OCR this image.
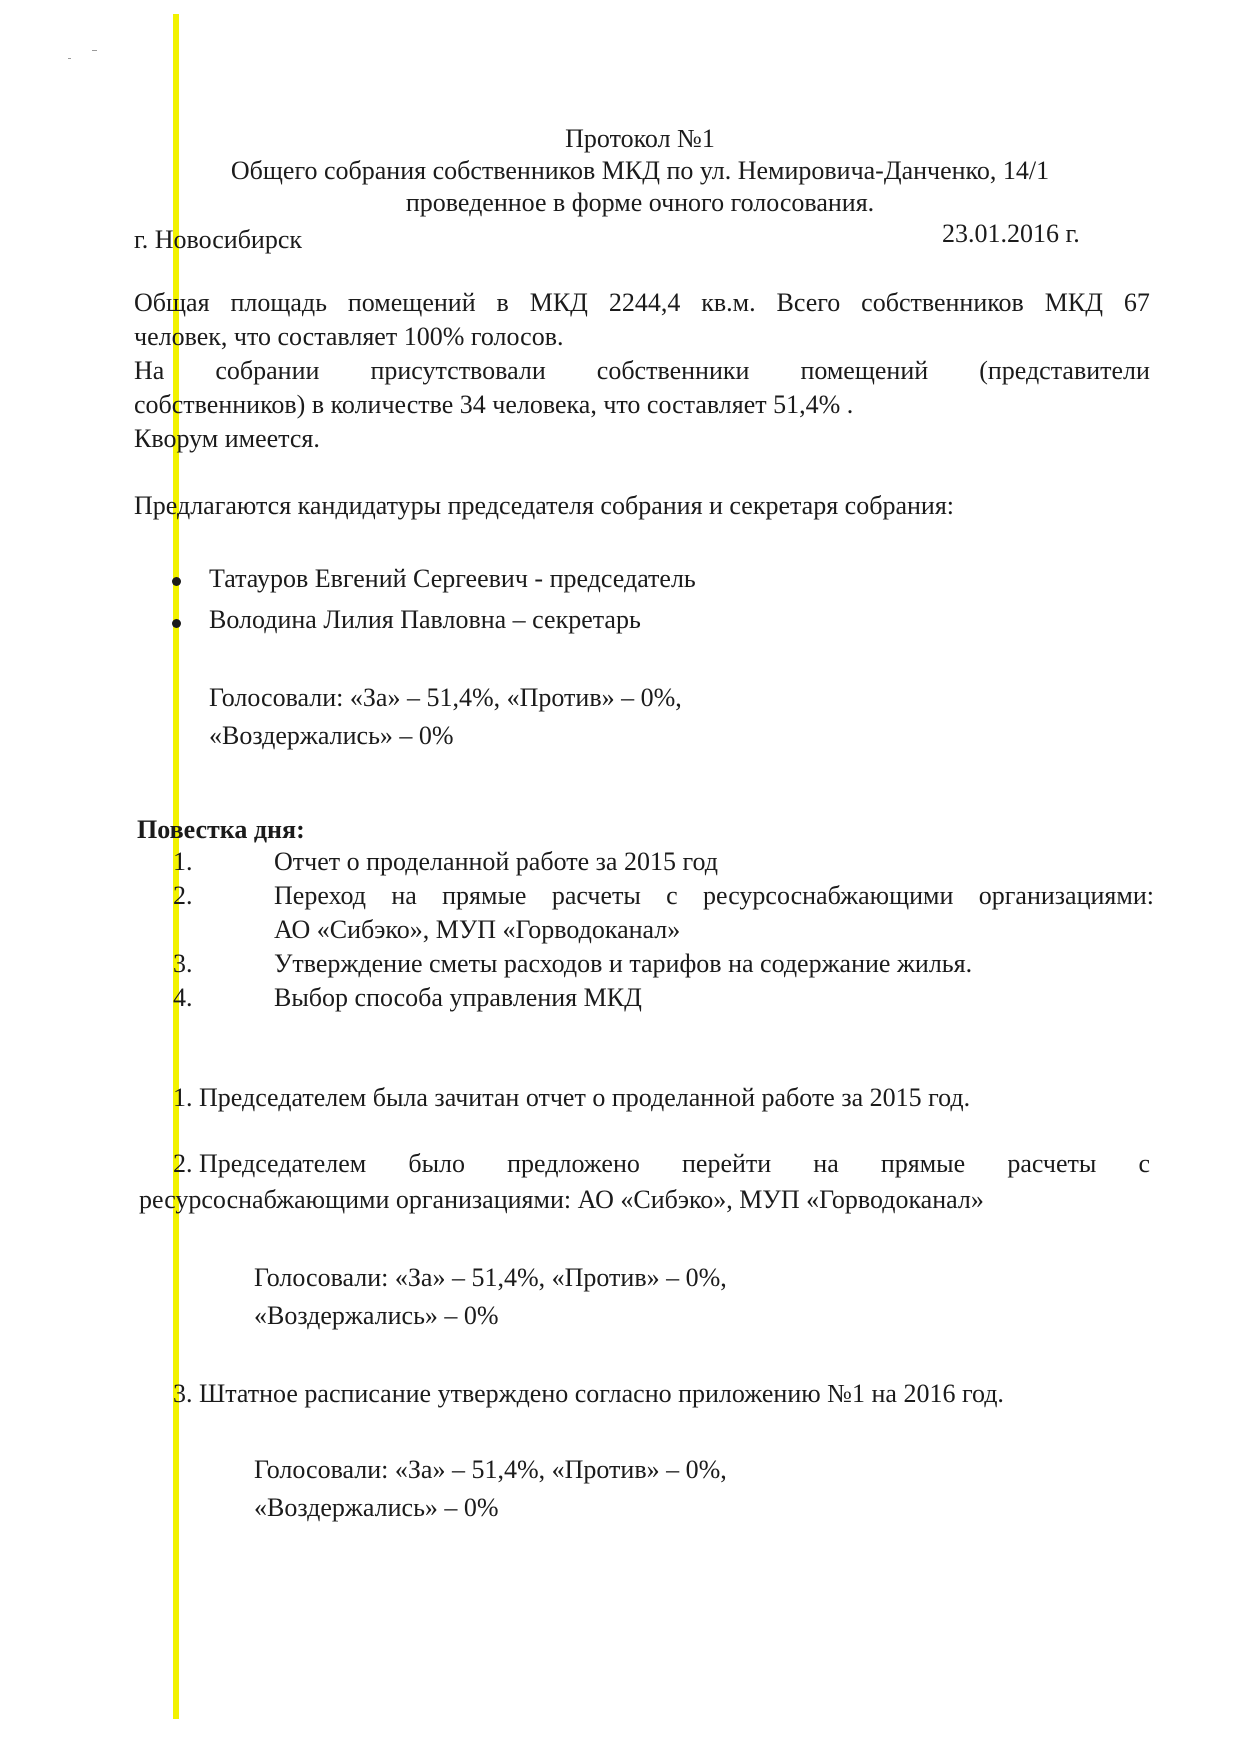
Протокол №1

Общего собрания собственников МКД по ул. Немировича-Данченко, 14/1

проведенное в форме очного голосования.

г. Новосибирск	23.01.2016 г.

Общая площадь помещений в МКД 2244,4 кв.м. Всего собственников МКД 67

человек, что составляет 100% голосов.

На собрании присутствовали собственники помещений (представители

собственников) в количестве 34 человека, что составляет 51,4% .

Кворум имеется.

Предлагаются кандидатуры председателя собрания и секретаря собрания:

Татауров Евгений Сергеевич - председатель

Володина Лилия Павловна – секретарь

Голосовали: «За» – 51,4%, «Против» – 0%,

«Воздержались» – 0%

Повестка дня:

1.	Отчет о проделанной работе за 2015 год

2.	Переход на прямые расчеты с ресурсоснабжающими организациями:

АО «Сибэко», МУП «Горводоканал»

3.	Утверждение сметы расходов и тарифов на содержание жилья.

4.	Выбор способа управления МКД

1. Председателем была зачитан отчет о проделанной работе за 2015 год.

2. Председателем было предложено перейти на прямые расчеты с

ресурсоснабжающими организациями: АО «Сибэко», МУП «Горводоканал»

Голосовали: «За» – 51,4%, «Против» – 0%,

«Воздержались» – 0%

3. Штатное расписание утверждено согласно приложению №1 на 2016 год.

Голосовали: «За» – 51,4%, «Против» – 0%,

«Воздержались» – 0%
